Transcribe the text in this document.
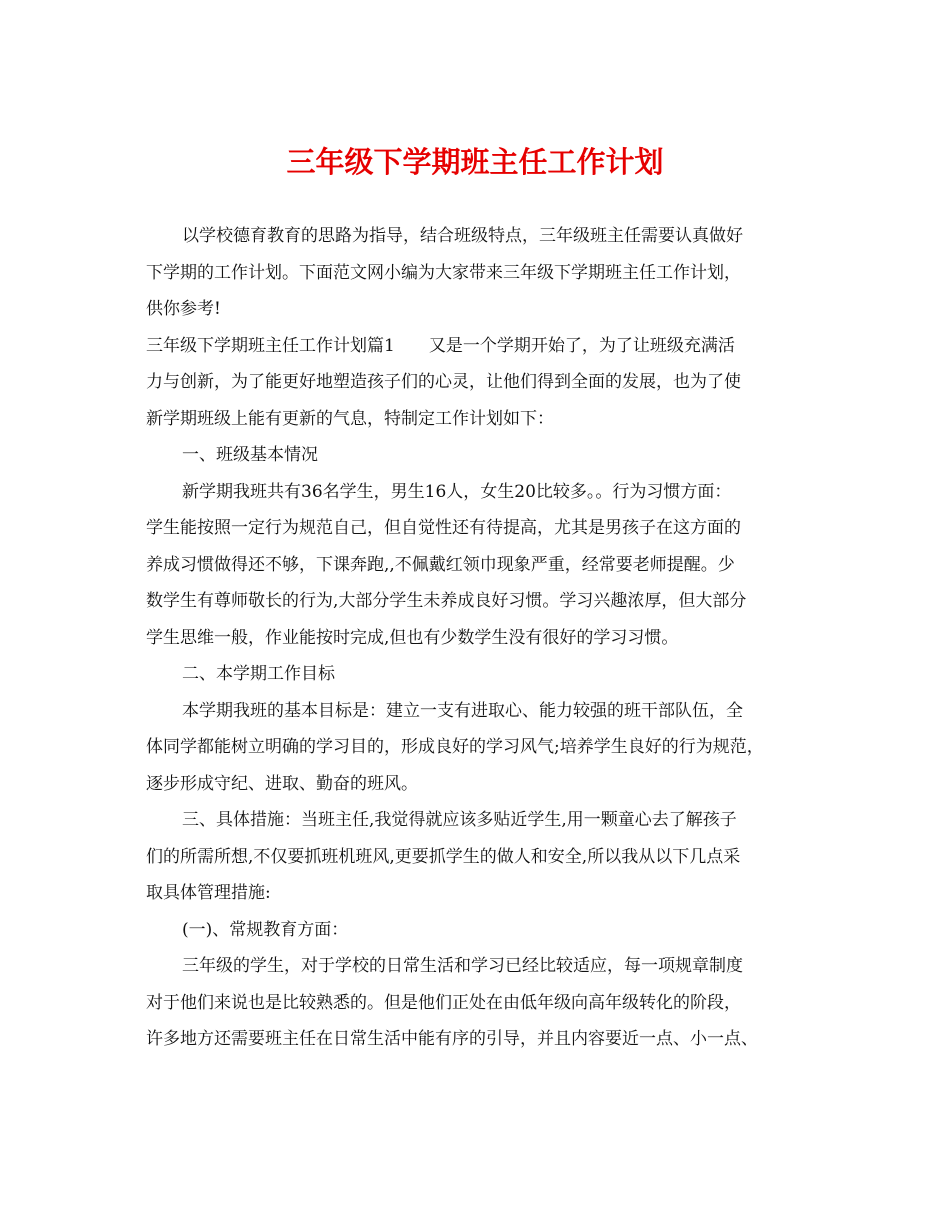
三年级下学期班主任工作计划
以学校德育教育的思路为指导，结合班级特点，三年级班主任需要认真做好
下学期的工作计划。下面范文网小编为大家带来三年级下学期班主任工作计划，
供你参考!
三年级下学期班主任工作计划篇1　　又是一个学期开始了，为了让班级充满活
力与创新，为了能更好地塑造孩子们的心灵，让他们得到全面的发展，也为了使
新学期班级上能有更新的气息，特制定工作计划如下：
一、班级基本情况
新学期我班共有36名学生，男生16人，女生20比较多。。行为习惯方面：
学生能按照一定行为规范自己，但自觉性还有待提高，尤其是男孩子在这方面的
养成习惯做得还不够，下课奔跑,,不佩戴红领巾现象严重，经常要老师提醒。少
数学生有尊师敬长的行为,大部分学生未养成良好习惯。学习兴趣浓厚，但大部分
学生思维一般，作业能按时完成,但也有少数学生没有很好的学习习惯。
二、本学期工作目标
本学期我班的基本目标是：建立一支有进取心、能力较强的班干部队伍，全
体同学都能树立明确的学习目的，形成良好的学习风气;培养学生良好的行为规范，
逐步形成守纪、进取、勤奋的班风。
三、具体措施：当班主任,我觉得就应该多贴近学生,用一颗童心去了解孩子
们的所需所想,不仅要抓班机班风,更要抓学生的做人和安全,所以我从以下几点采
取具体管理措施:
(一)、常规教育方面：
三年级的学生，对于学校的日常生活和学习已经比较适应，每一项规章制度
对于他们来说也是比较熟悉的。但是他们正处在由低年级向高年级转化的阶段，
许多地方还需要班主任在日常生活中能有序的引导，并且内容要近一点、小一点、
